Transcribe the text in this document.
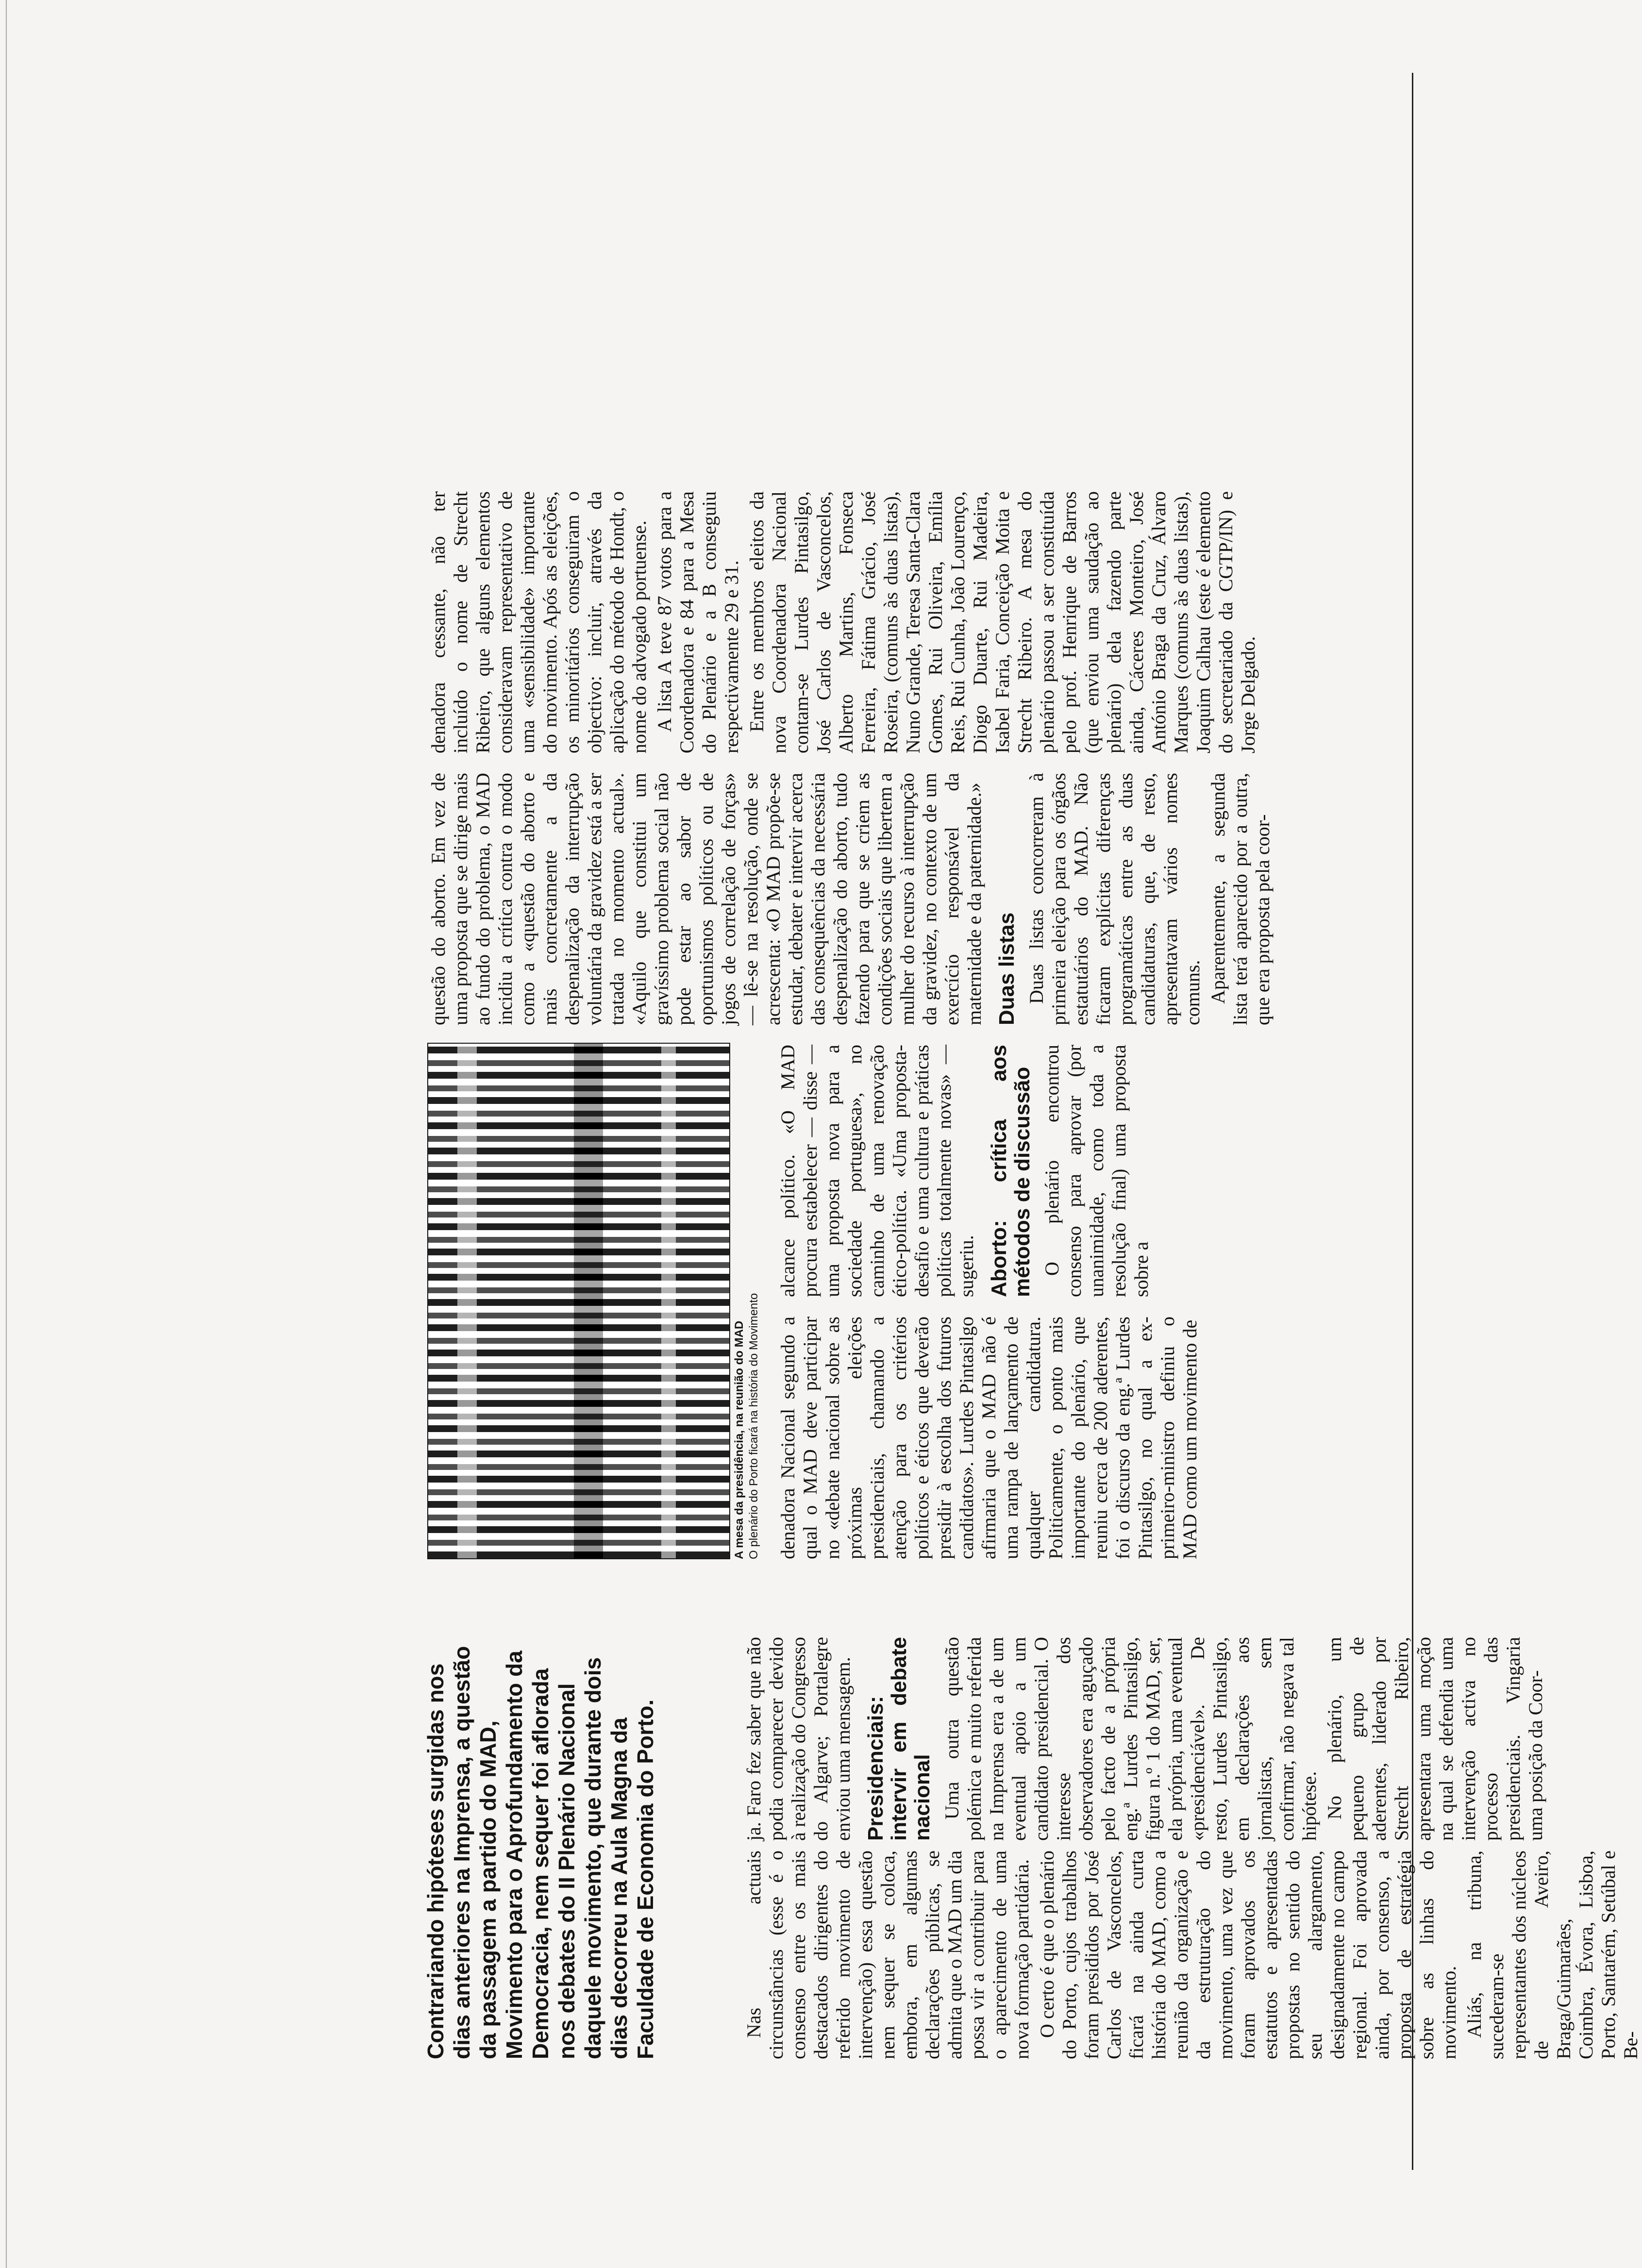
Contrariando hipóteses surgidas nos dias anteriores na Imprensa, a questão da passagem a partido do MAD, Movimento para o Aprofundamento da Democracia, nem sequer foi aflorada nos debates do II Plenário Nacional daquele movimento, que durante dois dias decorreu na Aula Magna da Faculdade de Economia do Porto.	Nas actuais circunstâncias (esse é o consenso entre os mais destacados dirigentes do referido movimento de intervenção) essa questão nem sequer se coloca, embora, em algumas declarações públicas, se admita que o MAD um dia possa vir a contribuir para o aparecimento de uma nova formação partidária. O certo é que o plenário do Porto, cujos trabalhos foram presididos por José Carlos de Vasconcelos, ficará na ainda curta história do MAD, como a reunião da organização e da estruturação do movimento, uma vez que foram aprovados os estatutos e apresentadas propostas no sentido do seu alargamento, designadamente no campo regional. Foi aprovada ainda, por consenso, a proposta de estratégia sobre as linhas do movimento. Aliás, na tribuna, sucederam-se representantes dos núcleos de Aveiro, Braga/Guimarães, Coimbra, Évora, Lisboa, Porto, Santarém, Setúbal e Be-

ja. Faro fez saber que não podia comparecer devido à realização do Congresso do Algarve; Portalegre enviou uma mensagem. Presidenciais: intervir em debate nacional Uma outra questão polémica e muito referida na Imprensa era a de um eventual apoio a um candidato presidencial. O interesse dos observadores era aguçado pelo facto de a própria eng.ª Lurdes Pintasilgo, figura n.º 1 do MAD, ser, ela própria, uma eventual «presidenciável». De resto, Lurdes Pintasilgo, em declarações aos jornalistas, sem confirmar, não negava tal hipótese. No plenário, um pequeno grupo de aderentes, liderado por Strecht Ribeiro, apresentara uma moção na qual se defendia uma intervenção activa no processo das presidenciais. Vingaria uma posição da Coor-

A mesa da presidência, na reunião do MAD O plenário do Porto ficará na história do Movimento denadora Nacional segundo a qual o MAD deve participar no «debate nacional sobre as próximas eleições presidenciais, chamando a atenção para os critérios políticos e éticos que deverão presidir à escolha dos futuros candidatos». Lurdes Pintasilgo afirmaria que o MAD não é uma rampa de lançamento de qualquer candidatura. Politicamente, o ponto mais importante do plenário, que reuniu cerca de 200 aderentes, foi o discurso da eng.ª Lurdes Pintasilgo, no qual a ex-primeiro-ministro definiu o MAD como um movimento de

alcance político. «O MAD procura estabelecer — disse — uma proposta nova para a sociedade portuguesa», no caminho de uma renovação ético-política. «Uma proposta-desafio e uma cultura e práticas políticas totalmente novas» — sugeriu. Aborto: crítica aos métodos de discussão O plenário encontrou consenso para aprovar (por unanimidade, como toda a resolução final) uma proposta sobre a

questão do aborto. Em vez de uma proposta que se dirige mais ao fundo do problema, o MAD incidiu a crítica contra o modo como a «questão do aborto e mais concretamente a da despenalização da interrupção voluntária da gravidez está a ser tratada no momento actual». «Aquilo que constitui um gravíssimo problema social não pode estar ao sabor de oportunismos políticos ou de jogos de correlação de forças» — lê-se na resolução, onde se acrescenta: «O MAD propõe-se estudar, debater e intervir acerca das consequências da necessária despenalização do aborto, tudo fazendo para que se criem as condições sociais que libertem a mulher do recurso à interrupção da gravidez, no contexto de um exercício responsável da maternidade e da paternidade.» Duas listas Duas listas concorreram à primeira eleição para os órgãos estatutários do MAD. Não ficaram explícitas diferenças programáticas entre as duas candidaturas, que, de resto, apresentavam vários nomes comuns. Aparentemente, a segunda lista terá aparecido por a outra, que era proposta pela coor-

denadora cessante, não ter incluído o nome de Strecht Ribeiro, que alguns elementos consideravam representativo de uma «sensibilidade» importante do movimento. Após as eleições, os minoritários conseguiram o objectivo: incluir, através da aplicação do método de Hondt, o nome do advogado portuense. A lista A teve 87 votos para a Coordenadora e 84 para a Mesa do Plenário e a B conseguiu respectivamente 29 e 31. Entre os membros eleitos da nova Coordenadora Nacional contam-se Lurdes Pintasilgo, José Carlos de Vasconcelos, Alberto Martins, Fonseca Ferreira, Fátima Grácio, José Roseira, (comuns às duas listas), Nuno Grande, Teresa Santa-Clara Gomes, Rui Oliveira, Emília Reis, Rui Cunha, João Lourenço, Diogo Duarte, Rui Madeira, Isabel Faria, Conceição Moita e Strecht Ribeiro. A mesa do plenário passou a ser constituída pelo prof. Henrique de Barros (que enviou uma saudação ao plenário) dela fazendo parte ainda, Cáceres Monteiro, José António Braga da Cruz, Álvaro Marques (comuns às duas listas), Joaquim Calhau (este é elemento do secretariado da CGTP/IN) e Jorge Delgado.
